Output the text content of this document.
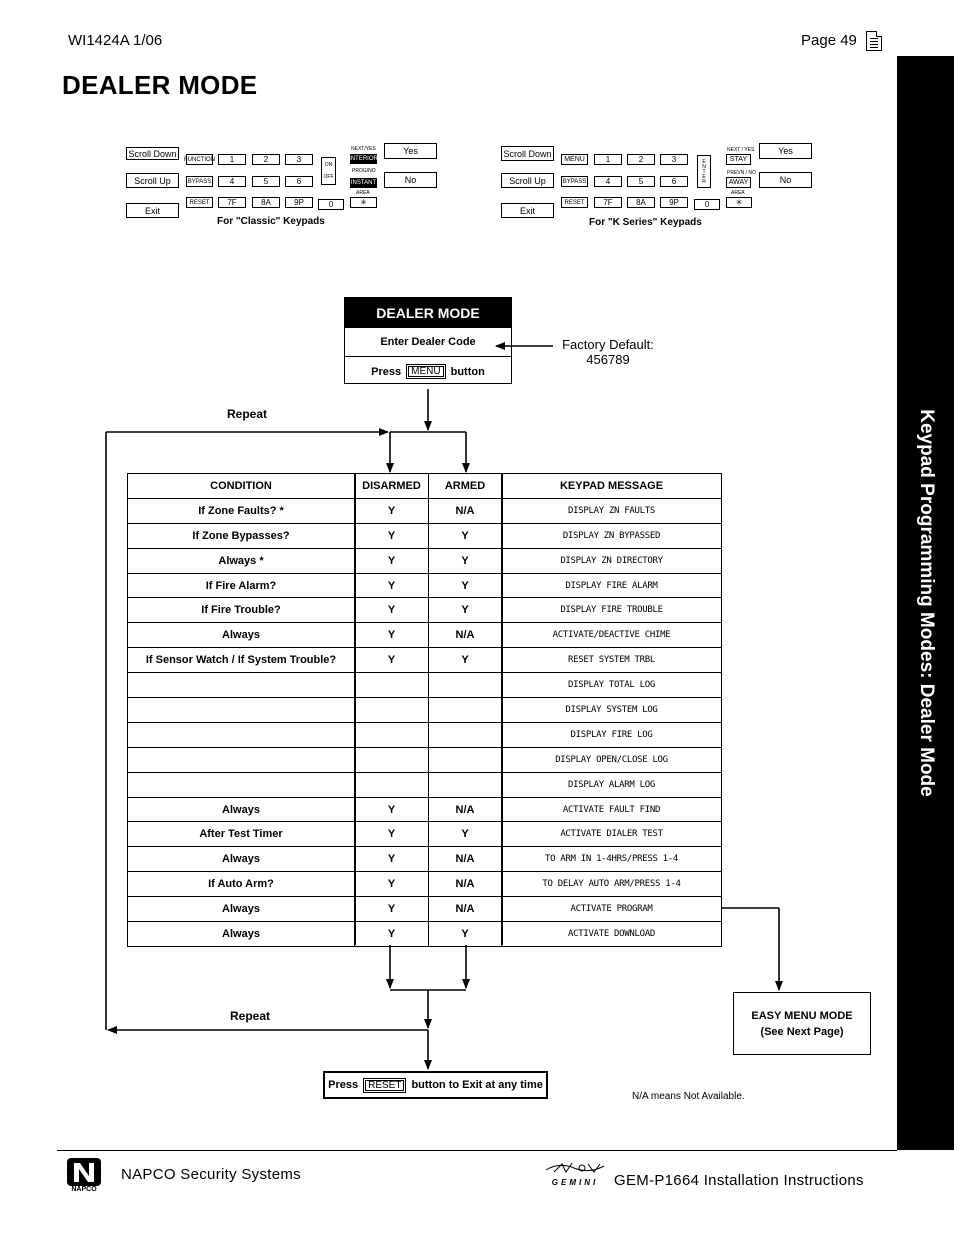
WI1424A 1/06	Page 49
DEALER MODE
Keypad Programming Modes: Dealer Mode
Scroll Down
Scroll Up
Exit
FUNCTION
BYPASS
RESET
1	2	3
4	5	6
7F	8A	9P	0
ON
OFF
NEXT/YES
INTERIOR
PROG/NO
INSTANT
AREA
✳
Yes
No
For "Classic" Keypads
Scroll Down
Scroll Up
Exit
MENU
BYPASS
RESET
1	2	3
4	5	6
7F	8A	9P	0
ENTER
NEXT / YES
STAY
PREVN / NO
AWAY
AREA
✳
Yes
No
For "K Series" Keypads
DEALER MODE
Enter Dealer Code
Press	MENU button
Factory Default:
456789
Repeat
Repeat
CONDITION	DISARMED	ARMED	KEYPAD MESSAGE
If Zone Faults? *	Y	N/A	DISPLAY ZN FAULTS
If Zone Bypasses?	Y	Y	DISPLAY ZN BYPASSED
Always *	Y	Y	DISPLAY ZN DIRECTORY
If Fire Alarm?	Y	Y	DISPLAY FIRE ALARM
If Fire Trouble?	Y	Y	DISPLAY FIRE TROUBLE
Always	Y	N/A	ACTIVATE/DEACTIVE CHIME
If Sensor Watch / If System Trouble?	Y	Y	RESET SYSTEM TRBL
			DISPLAY TOTAL LOG
			DISPLAY SYSTEM LOG
			DISPLAY FIRE LOG
			DISPLAY OPEN/CLOSE LOG
			DISPLAY ALARM LOG
Always	Y	N/A	ACTIVATE FAULT FIND
After Test Timer	Y	Y	ACTIVATE DIALER TEST
Always	Y	N/A	TO ARM IN 1-4HRS/PRESS 1-4
If Auto Arm?	Y	N/A	TO DELAY AUTO ARM/PRESS 1-4
Always	Y	N/A	ACTIVATE PROGRAM
Always	Y	Y	ACTIVATE DOWNLOAD
Press	RESET button to Exit at any time
EASY MENU MODE
(See Next Page)
N/A means Not Available.
NAPCO
NAPCO Security Systems	GEMINI	GEM-P1664 Installation Instructions
